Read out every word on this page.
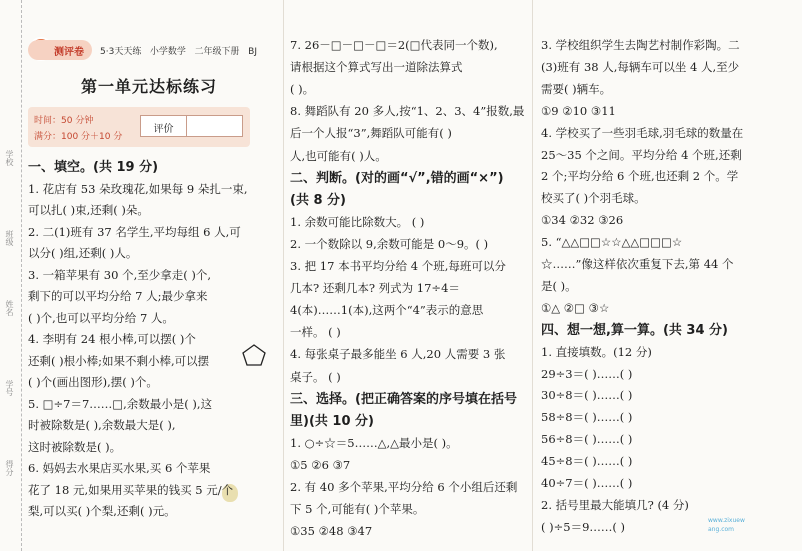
学校
班级
姓名
学号
得分
测评卷	5·3天天练 小学数学 二年级下册 BJ
第一单元达标练习
时间：50 分钟
满分：100 分＋10 分
评价
一、填空。(共 19 分)
1. 花店有 53 朵玫瑰花,如果每 9 朵扎一束,
可以扎( )束,还剩( )朵。
2. 二(1)班有 37 名学生,平均每组 6 人,可
以分( )组,还剩( )人。
3. 一箱苹果有 30 个,至少拿走( )个,
剩下的可以平均分给 7 人;最少拿来
( )个,也可以平均分给 7 人。
4. 李明有 24 根小棒,可以摆( )个
还剩( )根小棒;如果不剩小棒,可以摆
( )个(画出图形),摆( )个。
5. □÷7＝7……□,余数最小是( ),这
时被除数是( ),余数最大是( ),
这时被除数是( )。
6. 妈妈去水果店买水果,买 6 个苹果
花了 18 元,如果用买苹果的钱买 5 元/个
梨,可以买( )个梨,还剩( )元。
7. 26－□－□－□＝2(□代表同一个数),
请根据这个算式写出一道除法算式
( )。
8. 舞蹈队有 20 多人,按“1、2、3、4”报数,最
后一个人报“3”,舞蹈队可能有( )
人,也可能有( )人。
二、判断。(对的画“√”,错的画“×”)
(共 8 分)
1. 余数可能比除数大。 ( )
2. 一个数除以 9,余数可能是 0～9。( )
3. 把 17 本书平均分给 4 个班,每班可以分
几本? 还剩几本? 列式为 17÷4＝
4(本)……1(本),这两个“4”表示的意思
一样。 ( )
4. 每张桌子最多能坐 6 人,20 人需要 3 张
桌子。 ( )
三、选择。(把正确答案的序号填在括号
里)(共 10 分)
1. ○÷☆＝5……△,△最小是( )。
①5 ②6 ③7
2. 有 40 多个苹果,平均分给 6 个小组后还剩
下 5 个,可能有( )个苹果。
①35 ②48 ③47
3. 学校组织学生去陶艺村制作彩陶。二
(3)班有 38 人,每辆车可以坐 4 人,至少
需要( )辆车。
①9 ②10 ③11
4. 学校买了一些羽毛球,羽毛球的数量在
25～35 个之间。平均分给 4 个班,还剩
2 个;平均分给 6 个班,也还剩 2 个。学
校买了( )个羽毛球。
①34 ②32 ③26
5. “△△□□☆☆△△□□□☆
☆……”像这样依次重复下去,第 44 个
是( )。
①△ ②□ ③☆
四、想一想,算一算。(共 34 分)
1. 直接填数。(12 分)
29÷3＝( )……( )
30÷8＝( )……( )
58÷8＝( )……( )
56÷8＝( )……( )
45÷8＝( )……( )
40÷7＝( )……( )
2. 括号里最大能填几? (4 分)
( )÷5＝9……( )	www.zixuew
ang.com
